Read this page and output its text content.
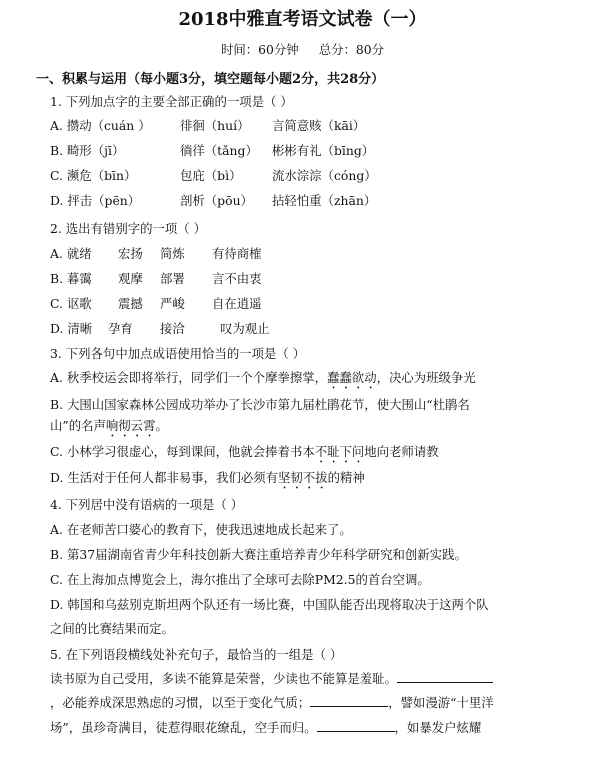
2018中雅直考语文试卷（一）
时间：60分钟 总分：80分
一、积累与运用（每小题3分，填空题每小题2分，共28分）
1. 下列加点字的主要全部正确的一项是（ ）
A. 攒动（cuán ） 徘徊（huí） 言简意赅（kāi）
B. 畸形（jī）	徜徉（tǎng） 彬彬有礼（bīng）
C. 濒危（bīn）	包庇（bì） 流水淙淙（cóng）
D. 抨击（pēn）	剖析（pōu） 拈轻怕重（zhān）
2. 选出有错别字的一项（ ）
A. 就绪 宏扬 简炼 有待商榷
B. 暮霭 观摩 部署 言不由衷
C. 讴歌 震撼 严峻 自在逍遥
D. 清晰 孕育 接洽	叹为观止
3. 下列各句中加点成语使用恰当的一项是（ ）
A. 秋季校运会即将举行，同学们一个个摩拳擦掌，蠢蠢欲动，决心为班级争光
B. 大围山国家森林公园成功举办了长沙市第九届杜鹃花节，使大围山“杜鹃名
山”的名声响彻云霄。
C. 小林学习很虚心，每到课间，他就会捧着书本不耻下问地向老师请教
D. 生活对于任何人都非易事，我们必须有坚韧不拔的精神
4. 下列居中没有语病的一项是（ ）
A. 在老师苦口婆心的教育下，使我迅速地成长起来了。
B. 第37届湖南省青少年科技创新大赛注重培养青少年科学研究和创新实践。
C. 在上海加点博览会上，海尔推出了全球可去除PM2.5的首台空调。
D. 韩国和乌兹别克斯坦两个队还有一场比赛，中国队能否出现将取决于这两个队
之间的比赛结果而定。
5. 在下列语段横线处补充句子，最恰当的一组是（ ）
读书原为自己受用，多读不能算是荣誉，少读也不能算是羞耻。
，必能养成深思熟虑的习惯，以至于变化气质；	，譬如漫游“十里洋
场”，虽珍奇满目，徒惹得眼花缭乱，空手而归。	，如暴发户炫耀
